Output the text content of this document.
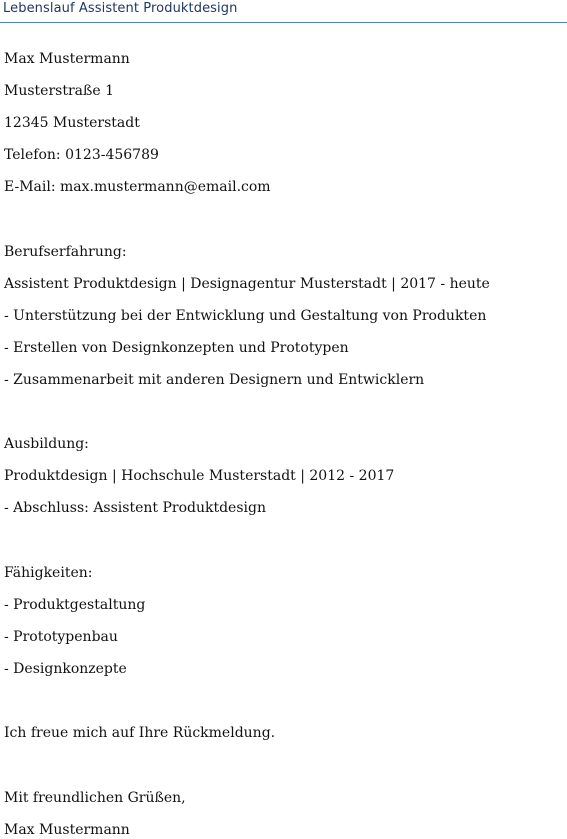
Lebenslauf Assistent Produktdesign
Max Mustermann
Musterstraße 1
12345 Musterstadt
Telefon: 0123-456789
E-Mail: max.mustermann@email.com
Berufserfahrung:
Assistent Produktdesign | Designagentur Musterstadt | 2017 - heute
- Unterstützung bei der Entwicklung und Gestaltung von Produkten
- Erstellen von Designkonzepten und Prototypen
- Zusammenarbeit mit anderen Designern und Entwicklern
Ausbildung:
Produktdesign | Hochschule Musterstadt | 2012 - 2017
- Abschluss: Assistent Produktdesign
Fähigkeiten:
- Produktgestaltung
- Prototypenbau
- Designkonzepte
Ich freue mich auf Ihre Rückmeldung.
Mit freundlichen Grüßen,
Max Mustermann
